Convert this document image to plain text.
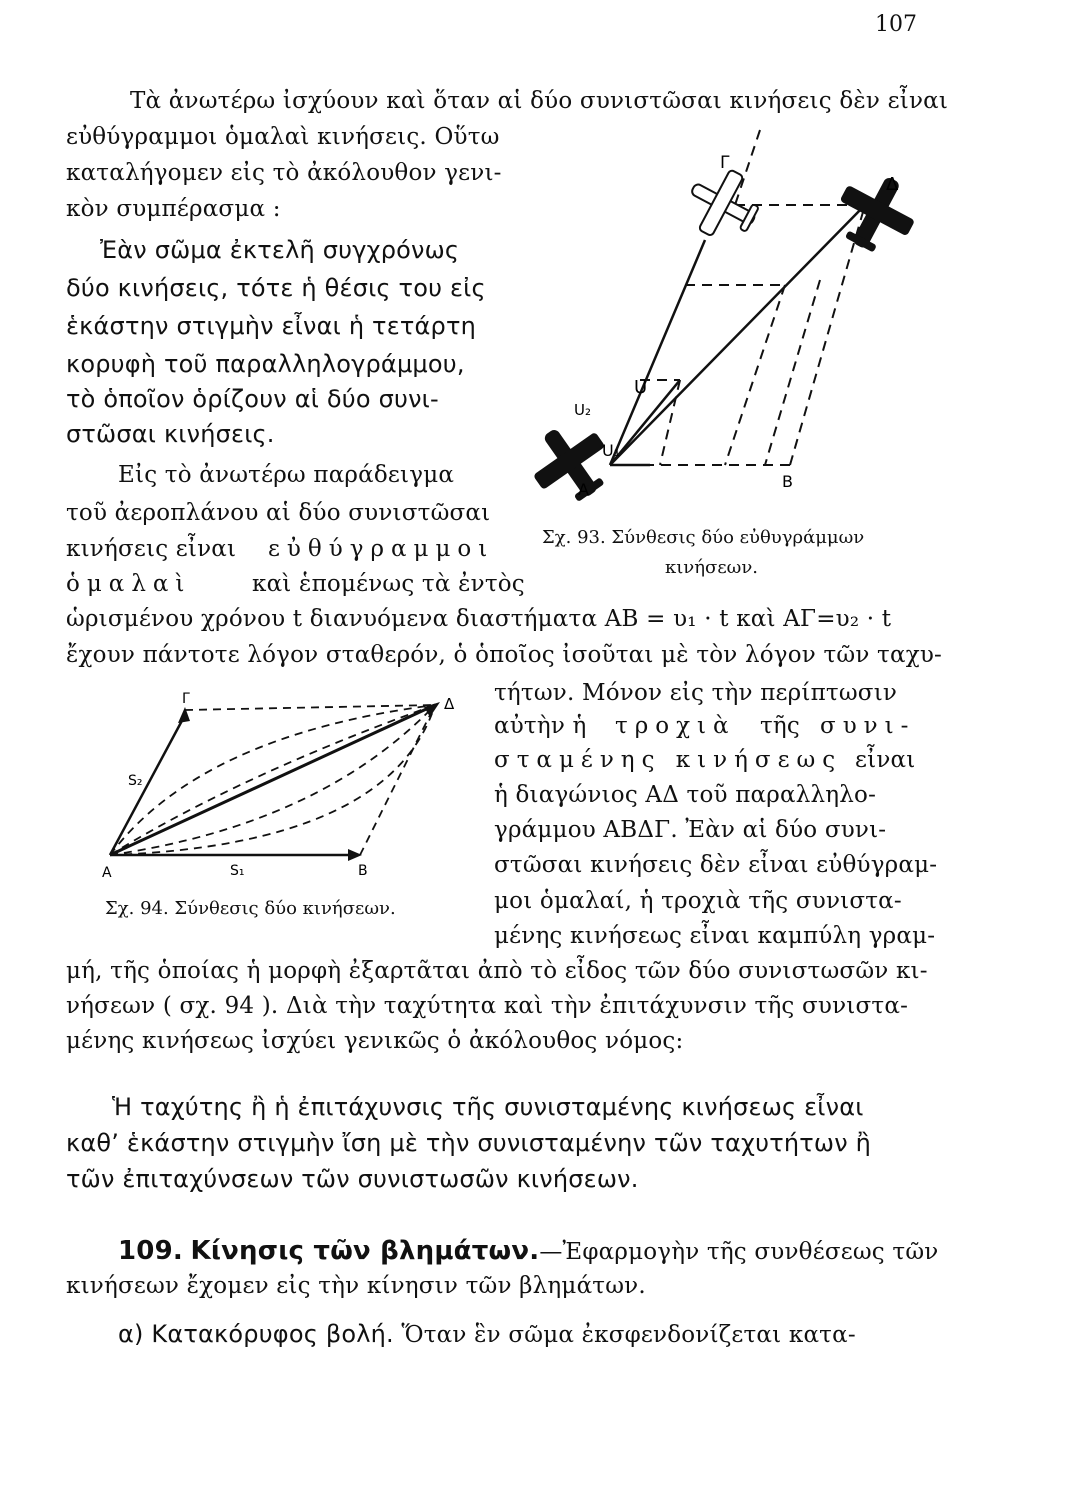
107
Τὰ ἀνωτέρω ἰσχύουν καὶ ὅταν αἱ δύο συνιστῶσαι κινήσεις δὲν εἶναι
εὐθύγραμμοι ὁμαλαὶ κινήσεις. Οὕτω
καταλήγομεν εἰς τὸ ἀκόλουθον γενι-
κὸν συμπέρασμα :
Ἐὰν σῶμα ἐκτελῆ συγχρόνως
δύο κινήσεις, τότε ἡ θέσις του εἰς
ἑκάστην στιγμὴν εἶναι ἡ τετάρτη
κορυφὴ τοῦ παραλληλογράμμου,
τὸ ὁποῖον ὁρίζουν αἱ δύο συνι-
στῶσαι κινήσεις.
Εἰς τὸ ἀνωτέρω παράδειγμα
τοῦ ἀεροπλάνου αἱ δύο συνιστῶσαι
κινήσεις εἶναι εὐθύγραμμοι
ὁμαλαὶ	καὶ ἑπομένως τὰ ἐντὸς
ὡρισμένου χρόνου t διανυόμενα διαστήματα ΑΒ = υ₁ · t καὶ ΑΓ=υ₂ · t
ἔχουν πάντοτε λόγον σταθερόν, ὁ ὁποῖος ἰσοῦται μὲ τὸν λόγον τῶν ταχυ-
A	B
Γ
Δ
U
U₁
U₂
Σχ. 93. Σύνθεσις δύο εὐθυγράμμων
κινήσεων.
A	B
Γ	Δ
S₁
S₂
Σχ. 94. Σύνθεσις δύο κινήσεων.
τήτων. Μόνον εἰς τὴν περίπτωσιν
αὐτὴν ἡ τροχιὰ τῆς συνι-
σταμένης κινήσεως εἶναι
ἡ διαγώνιος ΑΔ τοῦ παραλληλο-
γράμμου ΑΒΔΓ. Ἐὰν αἱ δύο συνι-
στῶσαι κινήσεις δὲν εἶναι εὐθύγραμ-
μοι ὁμαλαί, ἡ τροχιὰ τῆς συνιστα-
μένης κινήσεως εἶναι καμπύλη γραμ-
μή, τῆς ὁποίας ἡ μορφὴ ἐξαρτᾶται ἀπὸ τὸ εἶδος τῶν δύο συνιστωσῶν κι-
νήσεων ( σχ. 94 ). Διὰ τὴν ταχύτητα καὶ τὴν ἐπιτάχυνσιν τῆς συνιστα-
μένης κινήσεως ἰσχύει γενικῶς ὁ ἀκόλουθος νόμος:
Ἡ ταχύτης ἢ ἡ ἐπιτάχυνσις τῆς συνισταμένης κινήσεως εἶναι
καθ’ ἑκάστην στιγμὴν ἴση μὲ τὴν συνισταμένην τῶν ταχυτήτων ἢ
τῶν ἐπιταχύνσεων τῶν συνιστωσῶν κινήσεων.
109. Κίνησις τῶν βλημάτων.—Ἐφαρμογὴν τῆς συνθέσεως τῶν
κινήσεων ἔχομεν εἰς τὴν κίνησιν τῶν βλημάτων.
α) Κατακόρυφος βολή. Ὅταν ἓν σῶμα ἐκσφενδονίζεται κατα-
